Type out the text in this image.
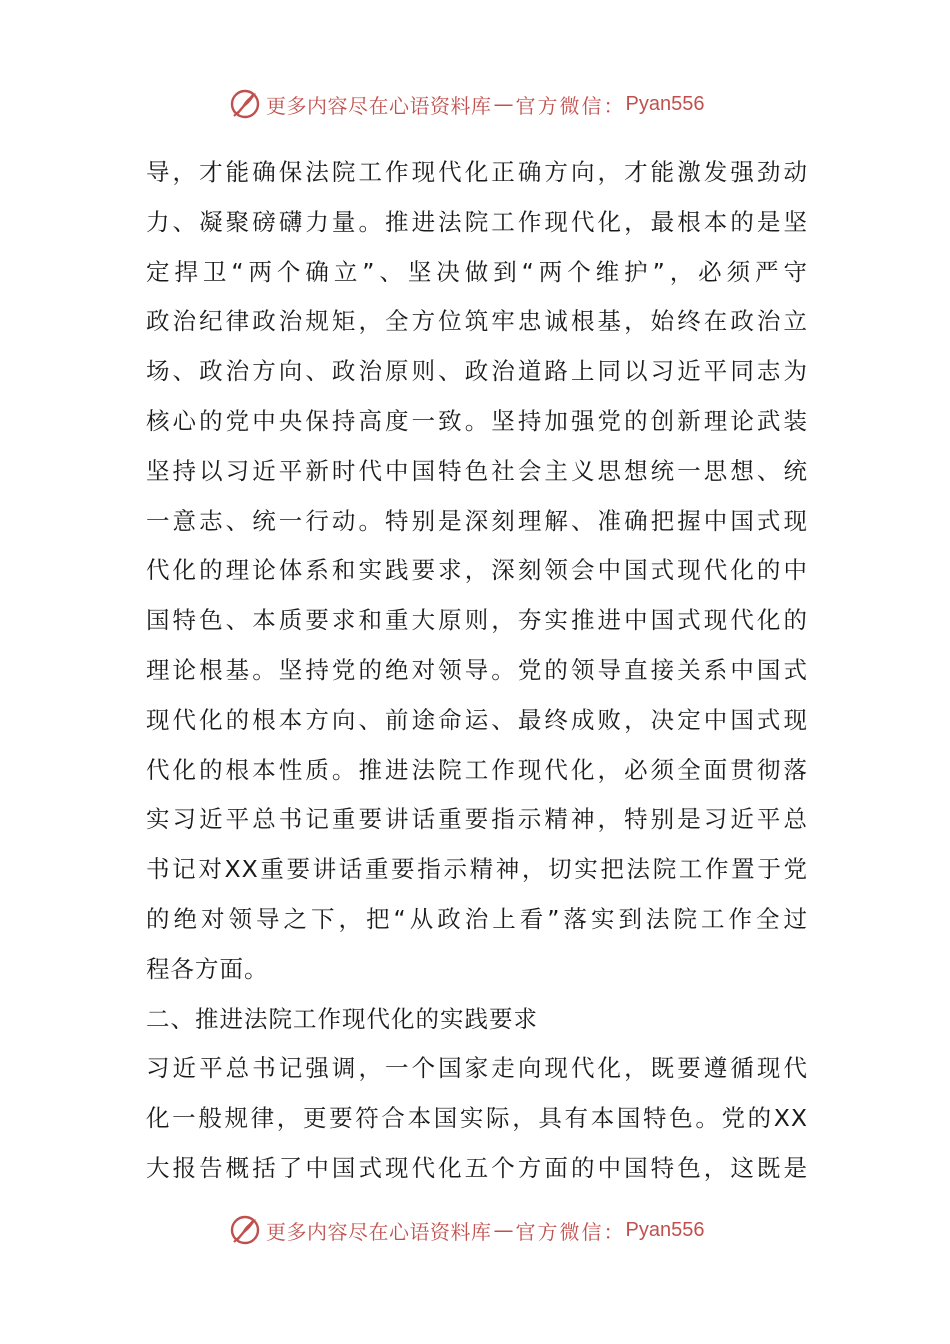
更多内容尽在心语资料库 — 官方微信： Pyan556
导，才能确保法院工作现代化正确方向，才能激发强劲动
力、凝聚磅礴力量。推进法院工作现代化，最根本的是坚
定捍卫“两个确立”、坚决做到“两个维护”，必须严守
政治纪律政治规矩，全方位筑牢忠诚根基，始终在政治立
场、政治方向、政治原则、政治道路上同以习近平同志为
核心的党中央保持高度一致。坚持加强党的创新理论武装
坚持以习近平新时代中国特色社会主义思想统一思想、统
一意志、统一行动。特别是深刻理解、准确把握中国式现
代化的理论体系和实践要求，深刻领会中国式现代化的中
国特色、本质要求和重大原则，夯实推进中国式现代化的
理论根基。坚持党的绝对领导。党的领导直接关系中国式
现代化的根本方向、前途命运、最终成败，决定中国式现
代化的根本性质。推进法院工作现代化，必须全面贯彻落
实习近平总书记重要讲话重要指示精神，特别是习近平总
书记对XX重要讲话重要指示精神，切实把法院工作置于党
的绝对领导之下，把“从政治上看”落实到法院工作全过
程各方面。
二、推进法院工作现代化的实践要求
习近平总书记强调，一个国家走向现代化，既要遵循现代
化一般规律，更要符合本国实际，具有本国特色。党的XX
大报告概括了中国式现代化五个方面的中国特色，这既是
更多内容尽在心语资料库 — 官方微信： Pyan556
